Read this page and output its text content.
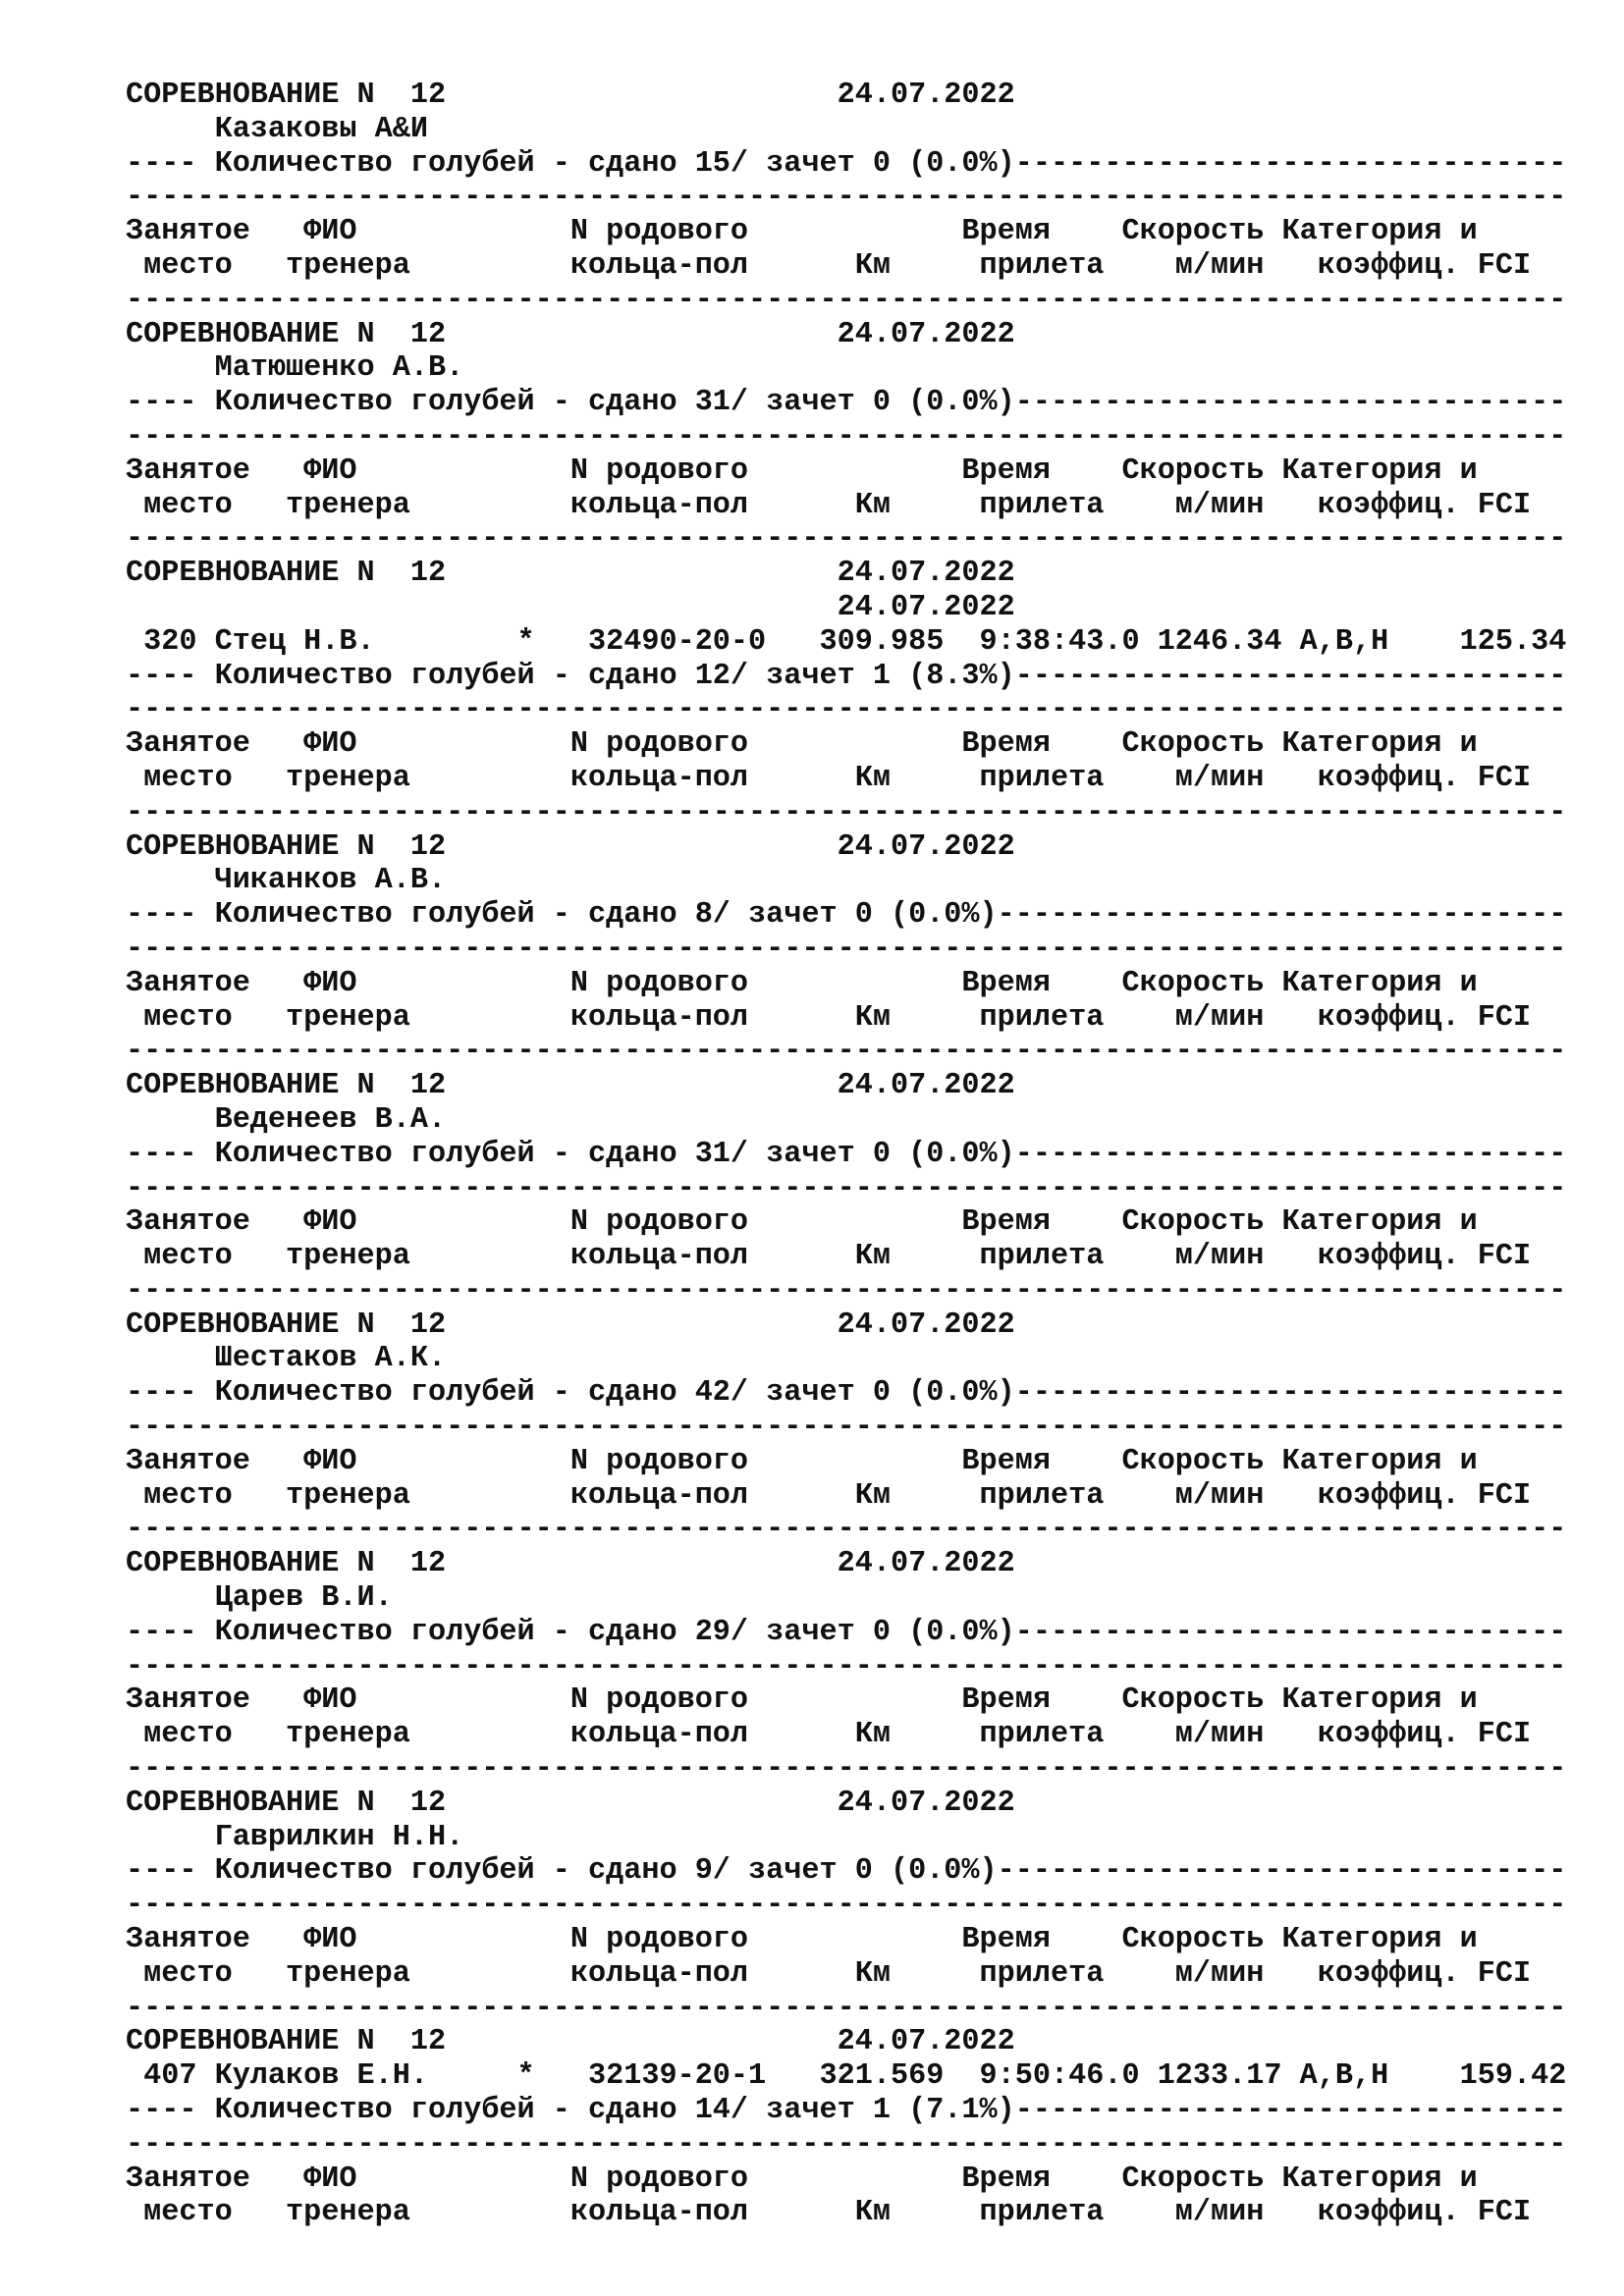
СОРЕВНОВАНИЕ N  12                      24.07.2022
Казаковы А&И
---- Количество голубей - сдано 15/ зачет 0 (0.0%)-------------------------------
---------------------------------------------------------------------------------
Занятое   ФИО            N родового            Время    Скорость Категория и
место   тренера         кольца-пол      Км     прилета    м/мин   коэффиц. FCI
---------------------------------------------------------------------------------
СОРЕВНОВАНИЕ N  12                      24.07.2022
Матюшенко А.В.
---- Количество голубей - сдано 31/ зачет 0 (0.0%)-------------------------------
---------------------------------------------------------------------------------
Занятое   ФИО            N родового            Время    Скорость Категория и
место   тренера         кольца-пол      Км     прилета    м/мин   коэффиц. FCI
---------------------------------------------------------------------------------
СОРЕВНОВАНИЕ N  12                      24.07.2022
24.07.2022
320 Стец Н.В.        *   32490-20-0   309.985  9:38:43.0 1246.34 A,B,H    125.34
---- Количество голубей - сдано 12/ зачет 1 (8.3%)-------------------------------
---------------------------------------------------------------------------------
Занятое   ФИО            N родового            Время    Скорость Категория и
место   тренера         кольца-пол      Км     прилета    м/мин   коэффиц. FCI
---------------------------------------------------------------------------------
СОРЕВНОВАНИЕ N  12                      24.07.2022
Чиканков А.В.
---- Количество голубей - сдано 8/ зачет 0 (0.0%)--------------------------------
---------------------------------------------------------------------------------
Занятое   ФИО            N родового            Время    Скорость Категория и
место   тренера         кольца-пол      Км     прилета    м/мин   коэффиц. FCI
---------------------------------------------------------------------------------
СОРЕВНОВАНИЕ N  12                      24.07.2022
Веденеев В.А.
---- Количество голубей - сдано 31/ зачет 0 (0.0%)-------------------------------
---------------------------------------------------------------------------------
Занятое   ФИО            N родового            Время    Скорость Категория и
место   тренера         кольца-пол      Км     прилета    м/мин   коэффиц. FCI
---------------------------------------------------------------------------------
СОРЕВНОВАНИЕ N  12                      24.07.2022
Шестаков А.К.
---- Количество голубей - сдано 42/ зачет 0 (0.0%)-------------------------------
---------------------------------------------------------------------------------
Занятое   ФИО            N родового            Время    Скорость Категория и
место   тренера         кольца-пол      Км     прилета    м/мин   коэффиц. FCI
---------------------------------------------------------------------------------
СОРЕВНОВАНИЕ N  12                      24.07.2022
Царев В.И.
---- Количество голубей - сдано 29/ зачет 0 (0.0%)-------------------------------
---------------------------------------------------------------------------------
Занятое   ФИО            N родового            Время    Скорость Категория и
место   тренера         кольца-пол      Км     прилета    м/мин   коэффиц. FCI
---------------------------------------------------------------------------------
СОРЕВНОВАНИЕ N  12                      24.07.2022
Гаврилкин Н.Н.
---- Количество голубей - сдано 9/ зачет 0 (0.0%)--------------------------------
---------------------------------------------------------------------------------
Занятое   ФИО            N родового            Время    Скорость Категория и
место   тренера         кольца-пол      Км     прилета    м/мин   коэффиц. FCI
---------------------------------------------------------------------------------
СОРЕВНОВАНИЕ N  12                      24.07.2022
407 Кулаков Е.Н.     *   32139-20-1   321.569  9:50:46.0 1233.17 A,B,H    159.42
---- Количество голубей - сдано 14/ зачет 1 (7.1%)-------------------------------
---------------------------------------------------------------------------------
Занятое   ФИО            N родового            Время    Скорость Категория и
место   тренера         кольца-пол      Км     прилета    м/мин   коэффиц. FCI
